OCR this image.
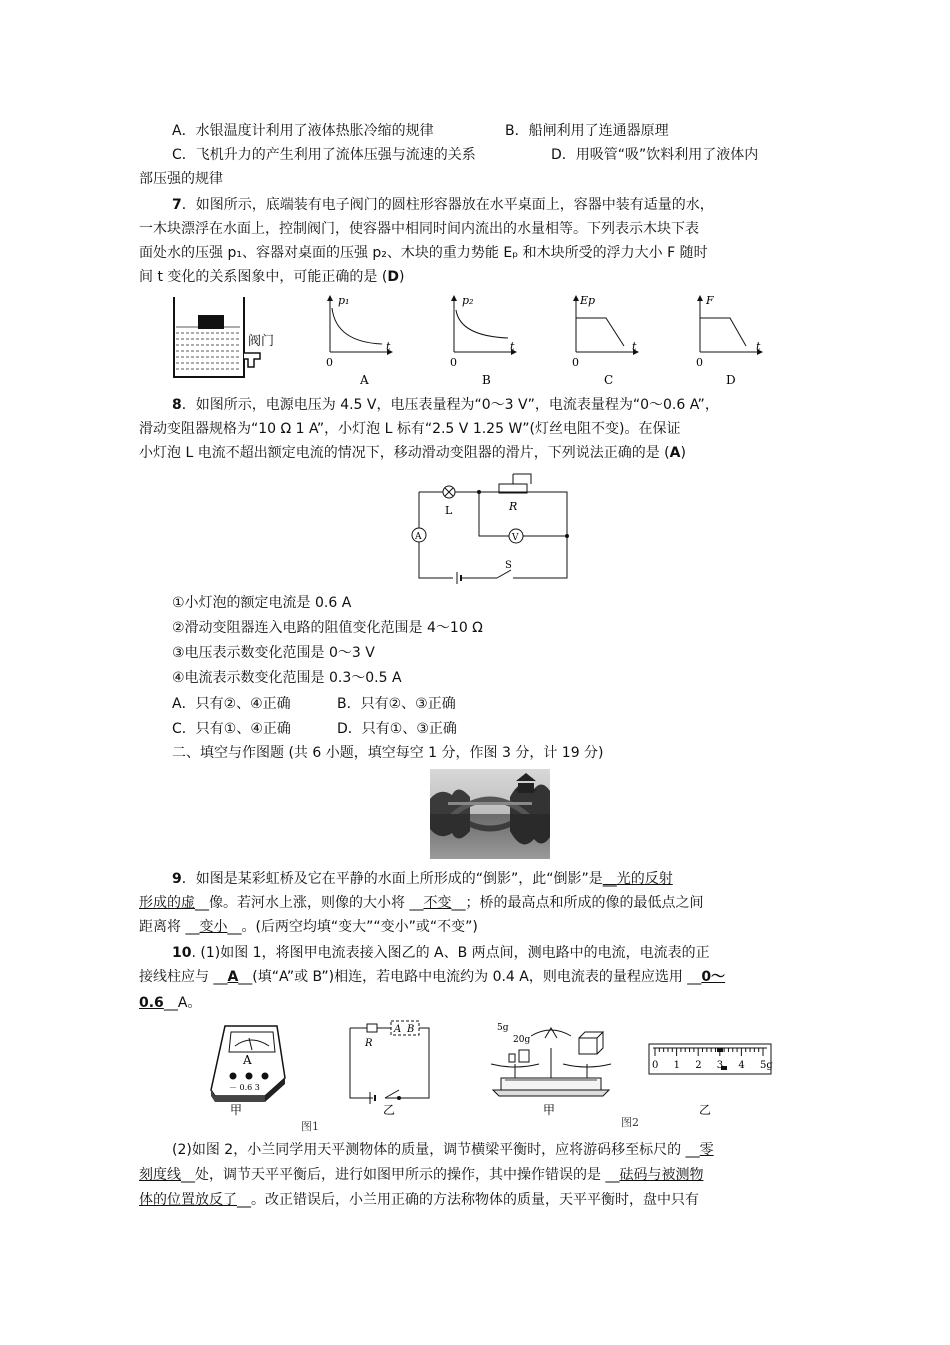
A．水银温度计利用了液体热胀冷缩的规律	B．船闸利用了连通器原理
C．飞机升力的产生利用了流体压强与流速的关系	D．用吸管“吸”饮料利用了液体内
部压强的规律
7．如图所示，底端装有电子阀门的圆柱形容器放在水平桌面上，容器中装有适量的水，
一木块漂浮在水面上，控制阀门，使容器中相同时间内流出的水量相等。下列表示木块下表
面处水的压强 p₁、容器对桌面的压强 p₂、木块的重力势能 Eₚ 和木块所受的浮力大小 F 随时
间 t 变化的关系图象中，可能正确的是 (D)
阀门
p₁
t
0
A
p₂
t
0
B
Ep
t
0
C
F
t
0
D
8．如图所示，电源电压为 4.5 V，电压表量程为“0～3 V”，电流表量程为“0～0.6 A”，
滑动变阻器规格为“10 Ω 1 A”，小灯泡 L 标有“2.5 V 1.25 W”(灯丝电阻不变)。在保证
小灯泡 L 电流不超出额定电流的情况下，移动滑动变阻器的滑片，下列说法正确的是 (A)
L	R
A	V
S
①小灯泡的额定电流是 0.6 A
②滑动变阻器连入电路的阻值变化范围是 4～10 Ω
③电压表示数变化范围是 0～3 V
④电流表示数变化范围是 0.3～0.5 A
A．只有②、④正确	B．只有②、③正确
C．只有①、④正确	D．只有①、③正确
二、填空与作图题 (共 6 小题，填空每空 1 分，作图 3 分，计 19 分)
9．如图是某彩虹桥及它在平静的水面上所形成的“倒影”，此“倒影”是__光的反射
形成的虚__像。若河水上涨，则像的大小将 __不变__；桥的最高点和所成的像的最低点之间
距离将 __变小__。(后两空均填“变大”“变小”或“不变”)
10. (1)如图 1，将图甲电流表接入图乙的 A、B 两点间，测电路中的电流，电流表的正
接线柱应与 __A__(填“A”或 B”)相连，若电路中电流约为 0.4 A，则电流表的量程应选用 __0～
0.6__A。
A
－ 0.6 3
甲
图1
R
A B
乙
5g
20g
甲
图2
0 1 2 3 4 5g
乙
(2)如图 2，小兰同学用天平测物体的质量，调节横梁平衡时，应将游码移至标尺的 __零
刻度线__处，调节天平平衡后，进行如图甲所示的操作，其中操作错误的是 __砝码与被测物
体的位置放反了__。改正错误后，小兰用正确的方法称物体的质量，天平平衡时，盘中只有
